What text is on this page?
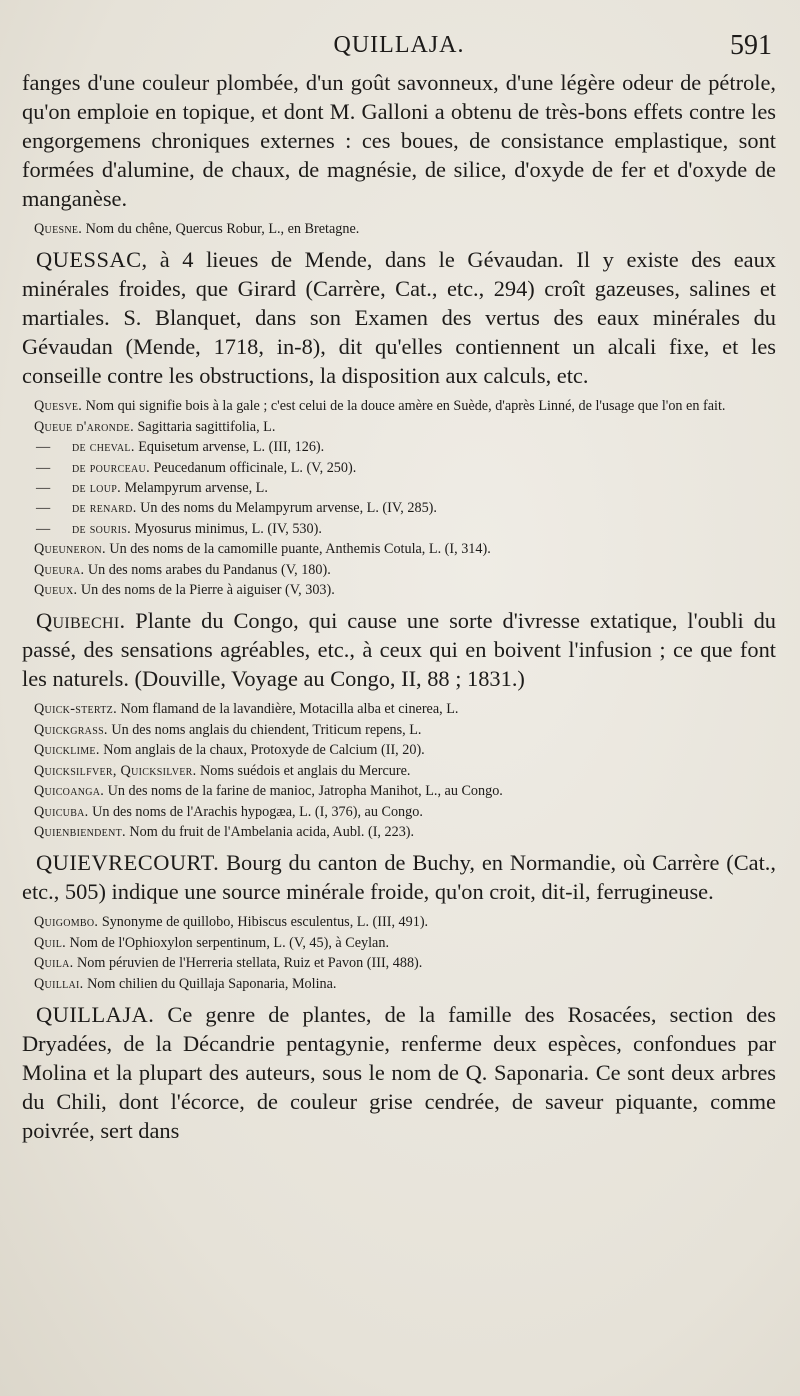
QUILLAJA.	591

fanges d'une couleur plombée, d'un goût savonneux, d'une légère odeur de pétrole, qu'on emploie en topique, et dont M. Galloni a obtenu de très-bons effets contre les engorgemens chroniques externes : ces boues, de consistance emplastique, sont formées d'alumine, de chaux, de magnésie, de silice, d'oxyde de fer et d'oxyde de manganèse.

Quesne. Nom du chêne, Quercus Robur, L., en Bretagne.

QUESSAC, à 4 lieues de Mende, dans le Gévaudan. Il y existe des eaux minérales froides, que Girard (Carrère, Cat., etc., 294) croît gazeuses, salines et martiales. S. Blanquet, dans son Examen des vertus des eaux minérales du Gévaudan (Mende, 1718, in-8), dit qu'elles contiennent un alcali fixe, et les conseille contre les obstructions, la disposition aux calculs, etc.

Quesve. Nom qui signifie bois à la gale ; c'est celui de la douce amère en Suède, d'après Linné, de l'usage que l'on en fait.

Queue d'aronde. Sagittaria sagittifolia, L.

— de cheval. Equisetum arvense, L. (III, 126).

— de pourceau. Peucedanum officinale, L. (V, 250).

— de loup. Melampyrum arvense, L.

— de renard. Un des noms du Melampyrum arvense, L. (IV, 285).

— de souris. Myosurus minimus, L. (IV, 530).

Queuneron. Un des noms de la camomille puante, Anthemis Cotula, L. (I, 314).

Queura. Un des noms arabes du Pandanus (V, 180).

Queux. Un des noms de la Pierre à aiguiser (V, 303).

Quibechi. Plante du Congo, qui cause une sorte d'ivresse extatique, l'oubli du passé, des sensations agréables, etc., à ceux qui en boivent l'infusion ; ce que font les naturels. (Douville, Voyage au Congo, II, 88 ; 1831.)

Quick-stertz. Nom flamand de la lavandière, Motacilla alba et cinerea, L.

Quickgrass. Un des noms anglais du chiendent, Triticum repens, L.

Quicklime. Nom anglais de la chaux, Protoxyde de Calcium (II, 20).

Quicksilfver, Quicksilver. Noms suédois et anglais du Mercure.

Quicoanga. Un des noms de la farine de manioc, Jatropha Manihot, L., au Congo.

Quicuba. Un des noms de l'Arachis hypogæa, L. (I, 376), au Congo.

Quienbiendent. Nom du fruit de l'Ambelania acida, Aubl. (I, 223).

QUIEVRECOURT. Bourg du canton de Buchy, en Normandie, où Carrère (Cat., etc., 505) indique une source minérale froide, qu'on croit, dit-il, ferrugineuse.

Quigombo. Synonyme de quillobo, Hibiscus esculentus, L. (III, 491).

Quil. Nom de l'Ophioxylon serpentinum, L. (V, 45), à Ceylan.

Quila. Nom péruvien de l'Herreria stellata, Ruiz et Pavon (III, 488).

Quillai. Nom chilien du Quillaja Saponaria, Molina.

QUILLAJA. Ce genre de plantes, de la famille des Rosacées, section des Dryadées, de la Décandrie pentagynie, renferme deux espèces, confondues par Molina et la plupart des auteurs, sous le nom de Q. Saponaria. Ce sont deux arbres du Chili, dont l'écorce, de couleur grise cendrée, de saveur piquante, comme poivrée, sert dans
